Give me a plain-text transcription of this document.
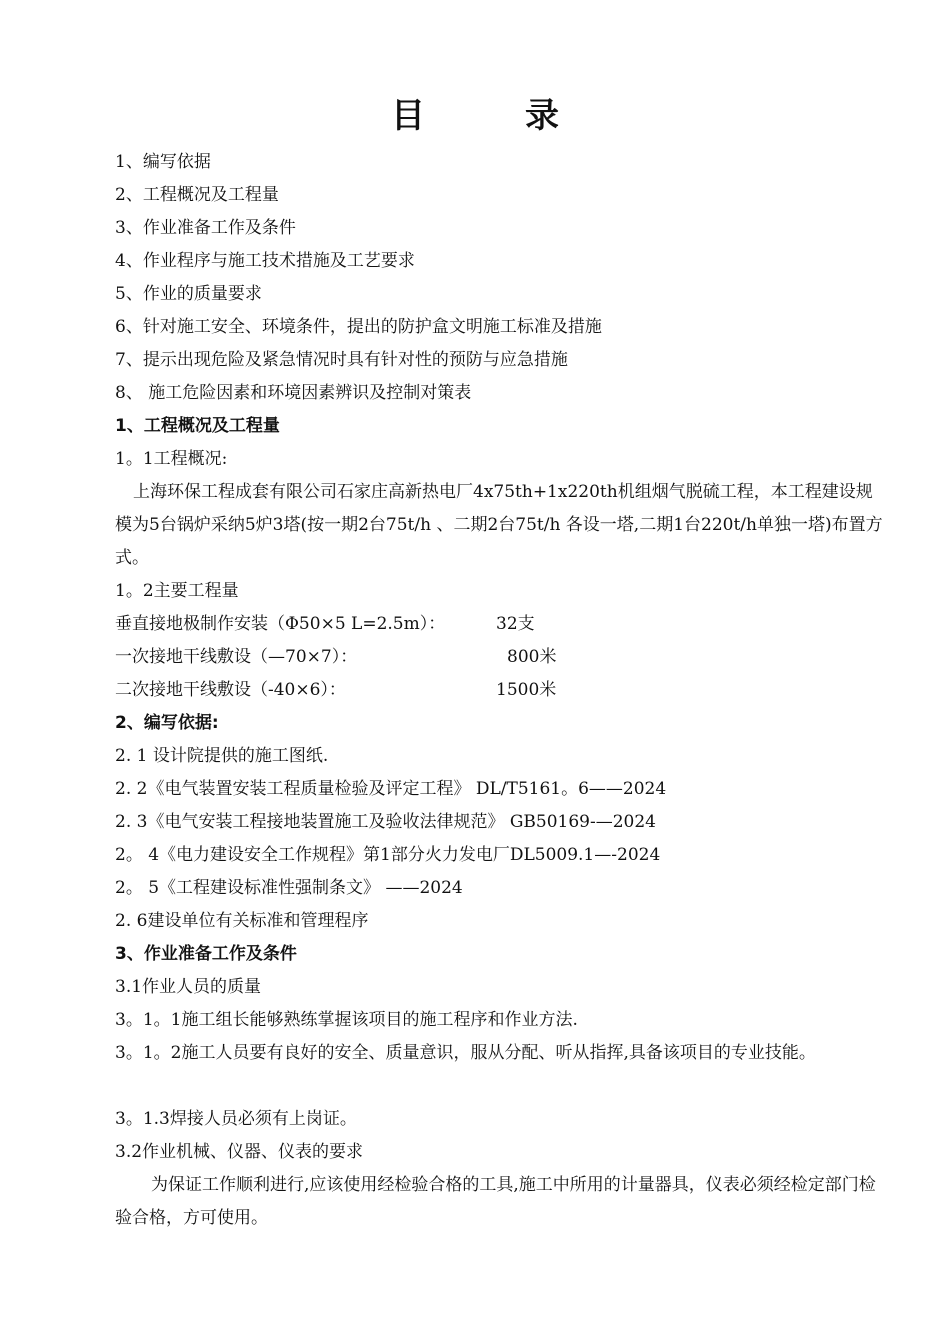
目	录
1、编写依据
2、工程概况及工程量
3、作业准备工作及条件
4、作业程序与施工技术措施及工艺要求
5、作业的质量要求
6、针对施工安全、环境条件，提出的防护盒文明施工标准及措施
7、提示出现危险及紧急情况时具有针对性的预防与应急措施
8、 施工危险因素和环境因素辨识及控制对策表
1、工程概况及工程量
1。1工程概况:
上海环保工程成套有限公司石家庄高新热电厂4x75th+1x220th机组烟气脱硫工程，本工程建设规模为5台锅炉采纳5炉3塔(按一期2台75t/h 、二期2台75t/h 各设一塔,二期1台220t/h单独一塔)布置方式。
1。2主要工程量
垂直接地极制作安装（Φ50×5 L=2.5m）：	32支
一次接地干线敷设（—70×7）：	800米
二次接地干线敷设（-40×6）：	1500米
2、编写依据:
2. 1 设计院提供的施工图纸.
2. 2《电气装置安装工程质量检验及评定工程》 DL/T5161。6——2024
2. 3《电气安装工程接地装置施工及验收法律规范》 GB50169-—2024
2。 4《电力建设安全工作规程》第1部分火力发电厂DL5009.1—-2024
2。 5《工程建设标准性强制条文》 ——2024
2. 6建设单位有关标准和管理程序
3、作业准备工作及条件
3.1作业人员的质量
3。1。1施工组长能够熟练掌握该项目的施工程序和作业方法.
3。1。2施工人员要有良好的安全、质量意识，服从分配、听从指挥,具备该项目的专业技能。
3。1.3焊接人员必须有上岗证。
3.2作业机械、仪器、仪表的要求
为保证工作顺利进行,应该使用经检验合格的工具,施工中所用的计量器具，仪表必须经检定部门检验合格，方可使用。
